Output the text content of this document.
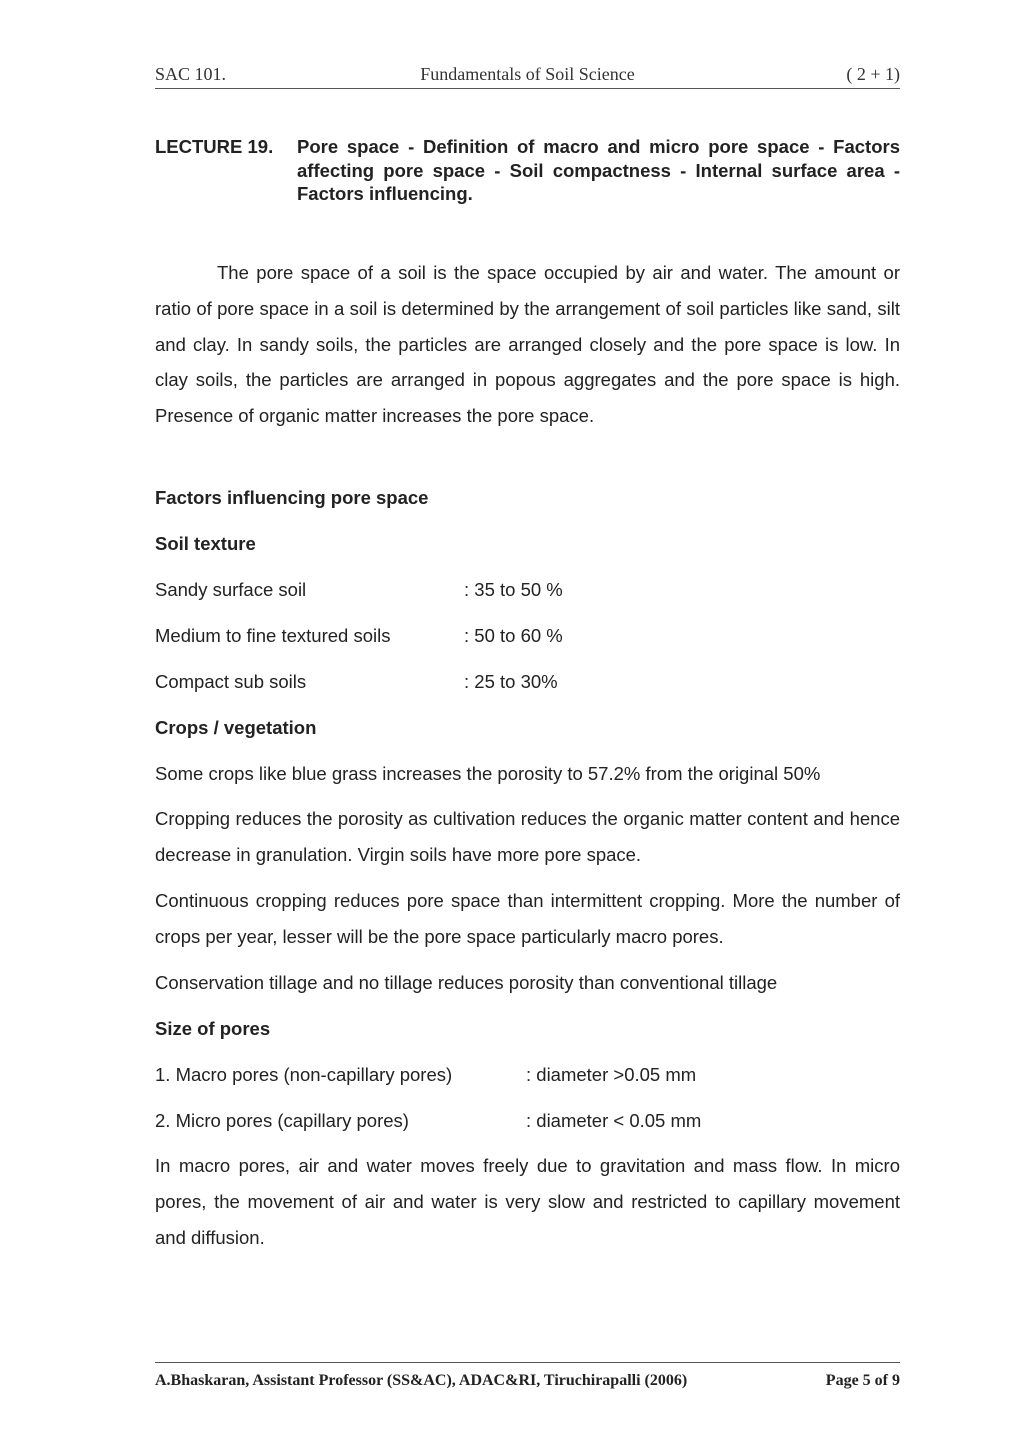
Fundamentals of Soil Science
SAC 101.	( 2 + 1)
LECTURE 19. Pore space - Definition of macro and micro pore space - Factors affecting pore space - Soil compactness - Internal surface area - Factors influencing.

The pore space of a soil is the space occupied by air and water. The amount or ratio of pore space in a soil is determined by the arrangement of soil particles like sand, silt and clay. In sandy soils, the particles are arranged closely and the pore space is low. In clay soils, the particles are arranged in popous aggregates and the pore space is high. Presence of organic matter increases the pore space.

Factors influencing pore space
Soil texture
Sandy surface soil	: 35 to 50 %
Medium to fine textured soils	: 50 to 60 %
Compact sub soils	: 25 to 30%
Crops / vegetation
Some crops like blue grass increases the porosity to 57.2% from the original 50%

Cropping reduces the porosity as cultivation reduces the organic matter content and hence decrease in granulation. Virgin soils have more pore space.

Continuous cropping reduces pore space than intermittent cropping. More the number of crops per year, lesser will be the pore space particularly macro pores.

Conservation tillage and no tillage reduces porosity than conventional tillage
Size of pores
1. Macro pores (non-capillary pores)	: diameter >0.05 mm
2. Micro pores (capillary pores)	: diameter < 0.05 mm

In macro pores, air and water moves freely due to gravitation and mass flow. In micro pores, the movement of air and water is very slow and restricted to capillary movement and diffusion.

A.Bhaskaran, Assistant Professor (SS&AC), ADAC&RI, Tiruchirapalli (2006)	Page 5 of 9
